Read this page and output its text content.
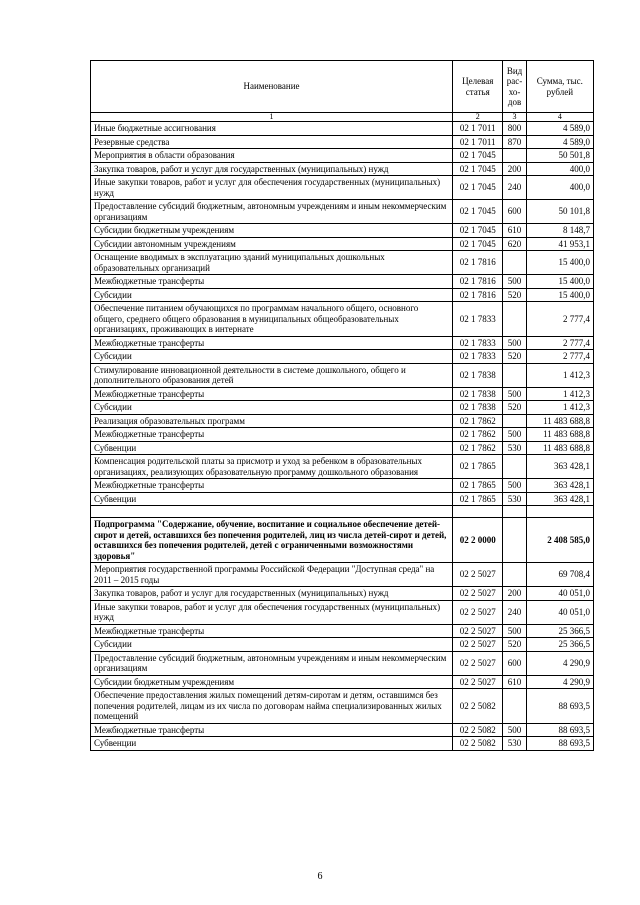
Наименование	Целевая статья	Вид рас- хо- дов	Сумма, тыс. рублей
1	2	3	4
Иные бюджетные ассигнования	02 1 7011	800	4 589,0
Резервные средства	02 1 7011	870	4 589,0
Мероприятия в области образования	02 1 7045		50 501,8
Закупка товаров, работ и услуг для государственных (муниципальных) нужд	02 1 7045	200	400,0
Иные закупки товаров, работ и услуг для обеспечения государственных (муниципальных) нужд	02 1 7045	240	400,0
Предоставление субсидий бюджетным, автономным учреждениям и иным некоммерческим организациям	02 1 7045	600	50 101,8
Субсидии бюджетным учреждениям	02 1 7045	610	8 148,7
Субсидии автономным учреждениям	02 1 7045	620	41 953,1
Оснащение вводимых в эксплуатацию зданий муниципальных дошкольных образовательных организаций	02 1 7816		15 400,0
Межбюджетные трансферты	02 1 7816	500	15 400,0
Субсидии	02 1 7816	520	15 400,0
Обеспечение питанием обучающихся по программам начального общего, основного общего, среднего общего образования в муниципальных общеобразовательных организациях, проживающих в интернате	02 1 7833		2 777,4
Межбюджетные трансферты	02 1 7833	500	2 777,4
Субсидии	02 1 7833	520	2 777,4
Стимулирование инновационной деятельности в системе дошкольного, общего и дополнительного образования детей	02 1 7838		1 412,3
Межбюджетные трансферты	02 1 7838	500	1 412,3
Субсидии	02 1 7838	520	1 412,3
Реализация образовательных программ	02 1 7862		11 483 688,8
Межбюджетные трансферты	02 1 7862	500	11 483 688,8
Субвенции	02 1 7862	530	11 483 688,8
Компенсация родительской платы за присмотр и уход за ребенком в образовательных организациях, реализующих образовательную программу дошкольного образования	02 1 7865		363 428,1
Межбюджетные трансферты	02 1 7865	500	363 428,1
Субвенции	02 1 7865	530	363 428,1

Подпрограмма "Содержание, обучение, воспитание и социальное обеспечение детей-сирот и детей, оставшихся без попечения родителей, лиц из числа детей-сирот и детей, оставшихся без попечения родителей, детей с ограниченными возможностями здоровья"	02 2 0000		2 408 585,0
Мероприятия государственной программы Российской Федерации "Доступная среда" на 2011 – 2015 годы	02 2 5027		69 708,4
Закупка товаров, работ и услуг для государственных (муниципальных) нужд	02 2 5027	200	40 051,0
Иные закупки товаров, работ и услуг для обеспечения государственных (муниципальных) нужд	02 2 5027	240	40 051,0
Межбюджетные трансферты	02 2 5027	500	25 366,5
Субсидии	02 2 5027	520	25 366,5
Предоставление субсидий бюджетным, автономным учреждениям и иным некоммерческим организациям	02 2 5027	600	4 290,9
Субсидии бюджетным учреждениям	02 2 5027	610	4 290,9
Обеспечение предоставления жилых помещений детям-сиротам и детям, оставшимся без попечения родителей, лицам из их числа по договорам найма специализированных жилых помещений	02 2 5082		88 693,5
Межбюджетные трансферты	02 2 5082	500	88 693,5
Субвенции	02 2 5082	530	88 693,5
6
